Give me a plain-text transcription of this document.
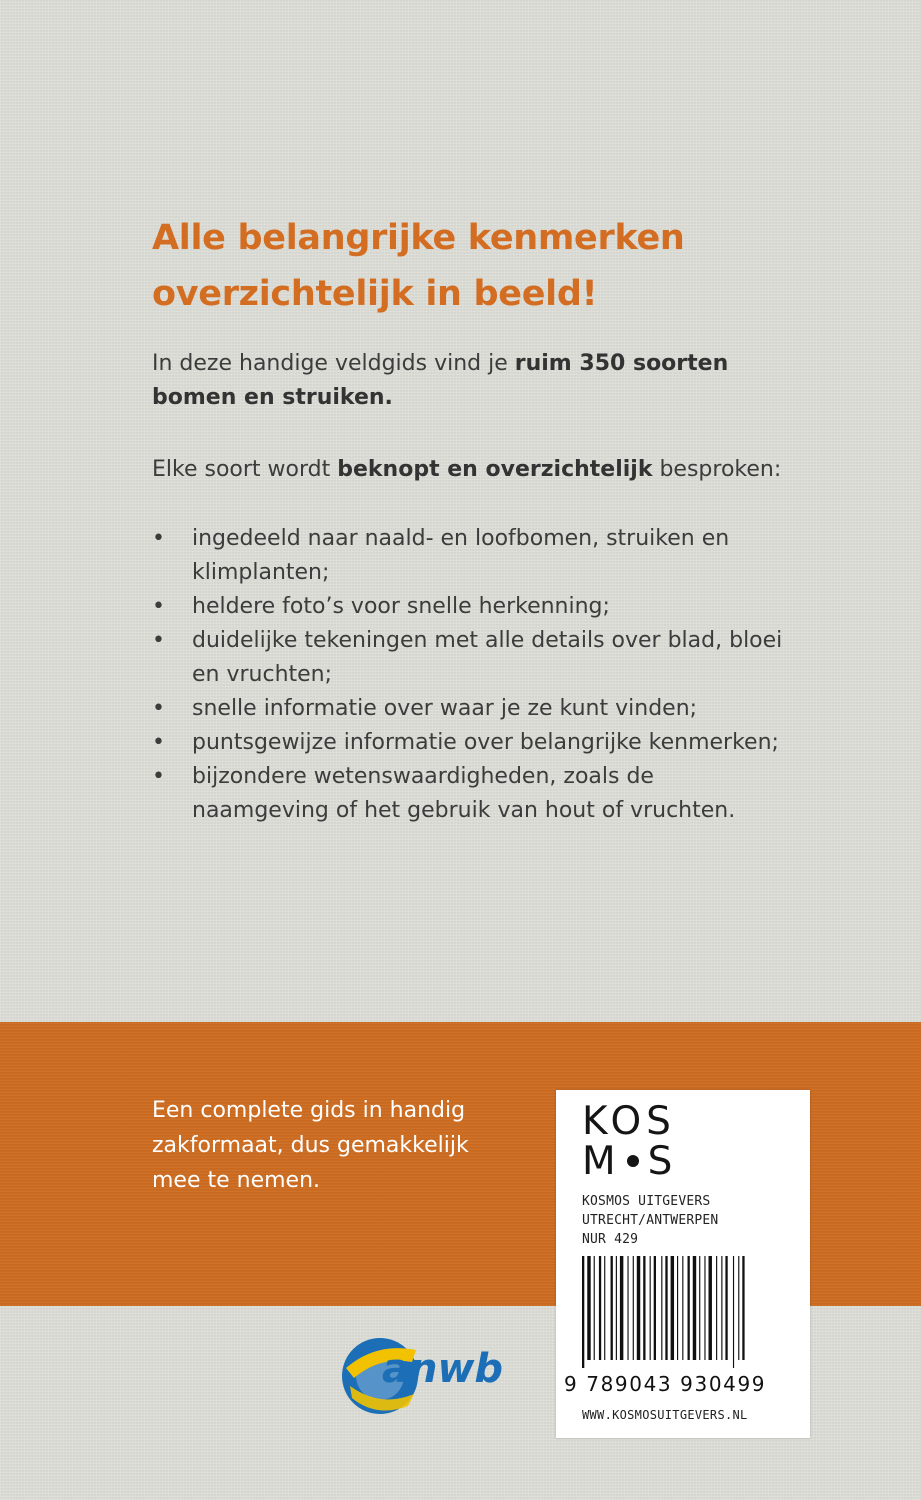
Alle belangrijke kenmerken
overzichtelijk in beeld!
In deze handige veldgids vind je ruim 350 soorten
bomen en struiken.
Elke soort wordt beknopt en overzichtelijk besproken:
• ingedeeld naar naald- en loofbomen, struiken en
klimplanten;
• heldere foto’s voor snelle herkenning;
• duidelijke tekeningen met alle details over blad, bloei
en vruchten;
• snelle informatie over waar je ze kunt vinden;
• puntsgewijze informatie over belangrijke kenmerken;
• bijzondere wetenswaardigheden, zoals de
naamgeving of het gebruik van hout of vruchten.
Een complete gids in handig
zakformaat, dus gemakkelijk
mee te nemen.
KOS
M S
KOSMOS UITGEVERS
UTRECHT/ANTWERPEN
NUR 429
9 789043 930499
WWW.KOSMOSUITGEVERS.NL
anwb
